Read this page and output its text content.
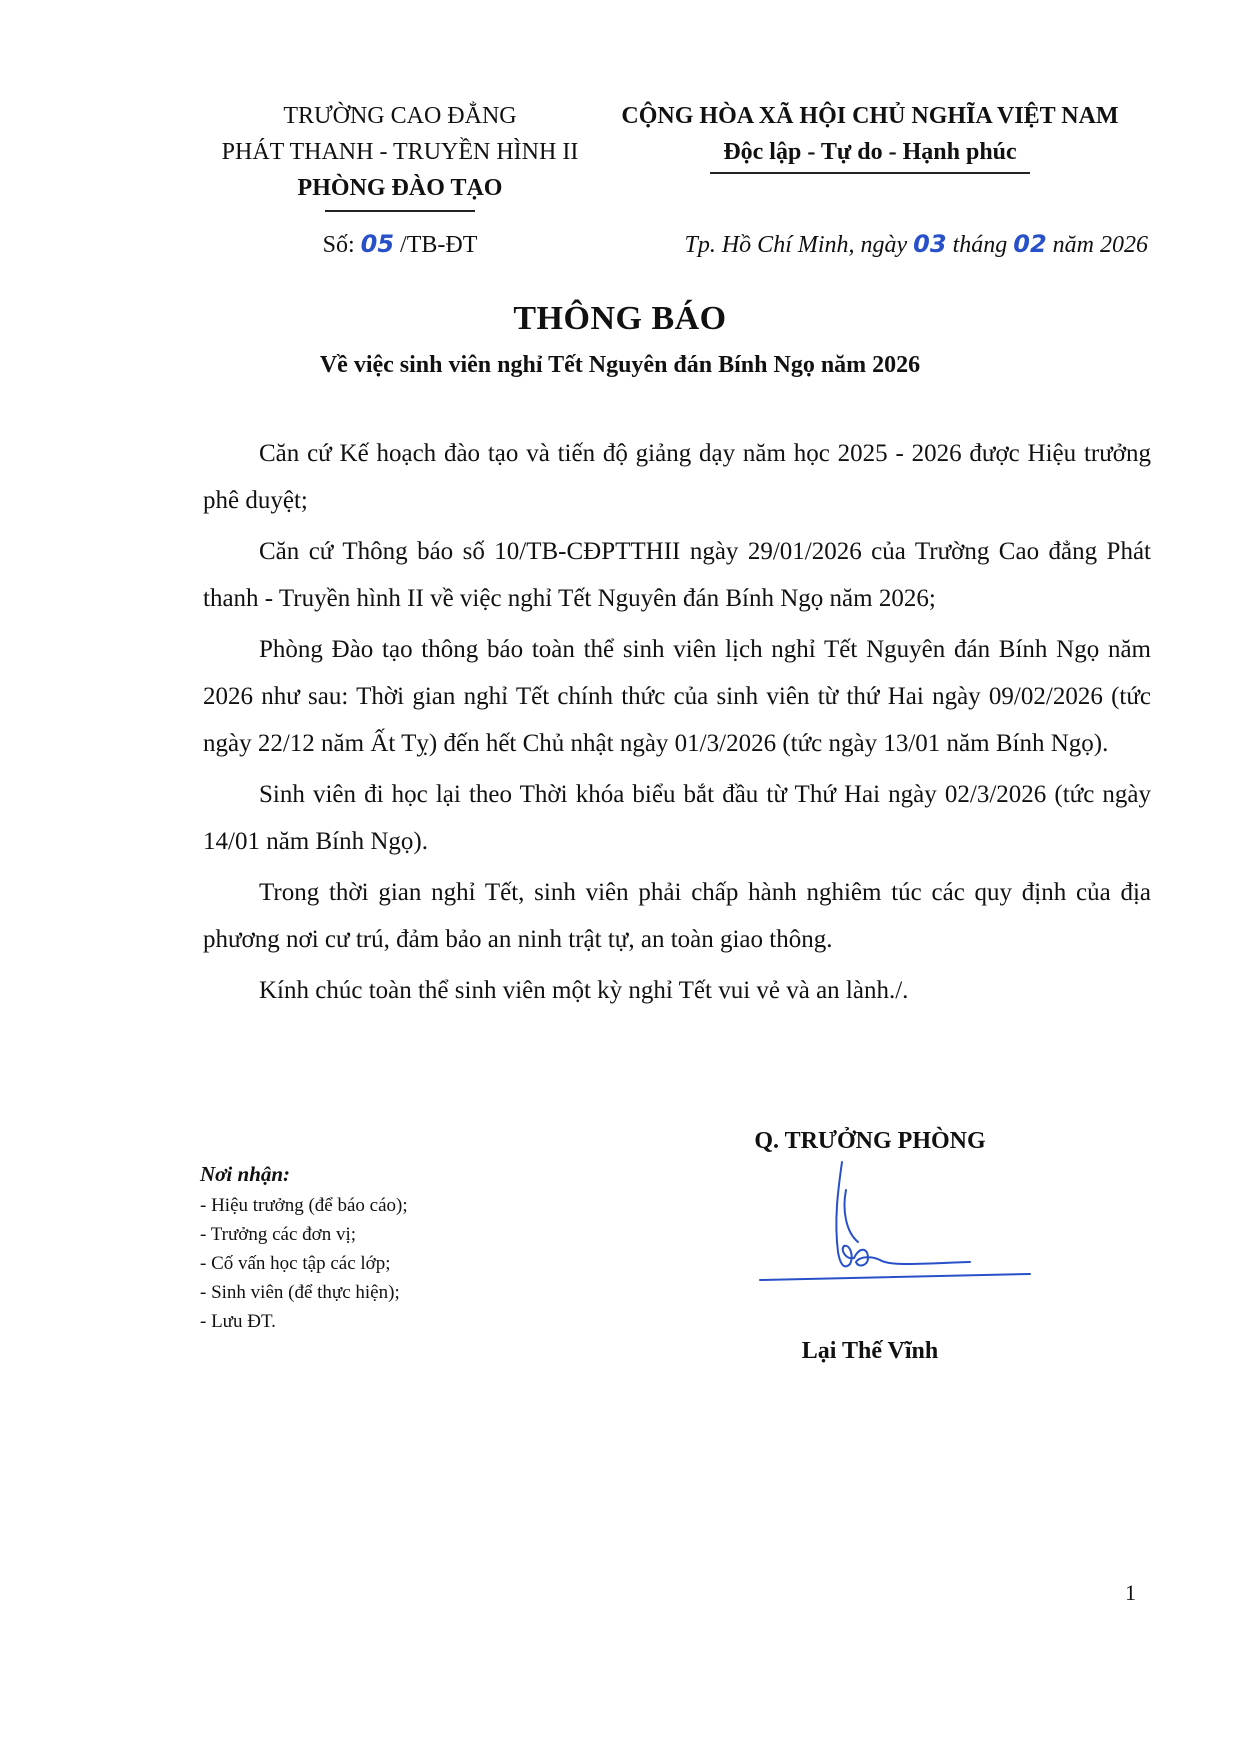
TRƯỜNG CAO ĐẲNG
PHÁT THANH - TRUYỀN HÌNH II
PHÒNG ĐÀO TẠO
CỘNG HÒA XÃ HỘI CHỦ NGHĨA VIỆT NAM
Độc lập - Tự do - Hạnh phúc
Số: 05 /TB-ĐT	Tp. Hồ Chí Minh, ngày 03 tháng 02 năm 2026
THÔNG BÁO
Về việc sinh viên nghỉ Tết Nguyên đán Bính Ngọ năm 2026

Căn cứ Kế hoạch đào tạo và tiến độ giảng dạy năm học 2025 - 2026 được Hiệu trưởng phê duyệt;

Căn cứ Thông báo số 10/TB-CĐPTTHII ngày 29/01/2026 của Trường Cao đẳng Phát thanh - Truyền hình II về việc nghỉ Tết Nguyên đán Bính Ngọ năm 2026;

Phòng Đào tạo thông báo toàn thể sinh viên lịch nghỉ Tết Nguyên đán Bính Ngọ năm 2026 như sau: Thời gian nghỉ Tết chính thức của sinh viên từ thứ Hai ngày 09/02/2026 (tức ngày 22/12 năm Ất Tỵ) đến hết Chủ nhật ngày 01/3/2026 (tức ngày 13/01 năm Bính Ngọ).

Sinh viên đi học lại theo Thời khóa biểu bắt đầu từ Thứ Hai ngày 02/3/2026 (tức ngày 14/01 năm Bính Ngọ).

Trong thời gian nghỉ Tết, sinh viên phải chấp hành nghiêm túc các quy định của địa phương nơi cư trú, đảm bảo an ninh trật tự, an toàn giao thông.

Kính chúc toàn thể sinh viên một kỳ nghỉ Tết vui vẻ và an lành./.

Nơi nhận:
- Hiệu trưởng (để báo cáo);
- Trưởng các đơn vị;
- Cố vấn học tập các lớp;
- Sinh viên (để thực hiện);
- Lưu ĐT.
Q. TRƯỞNG PHÒNG
Lại Thế Vĩnh
1
